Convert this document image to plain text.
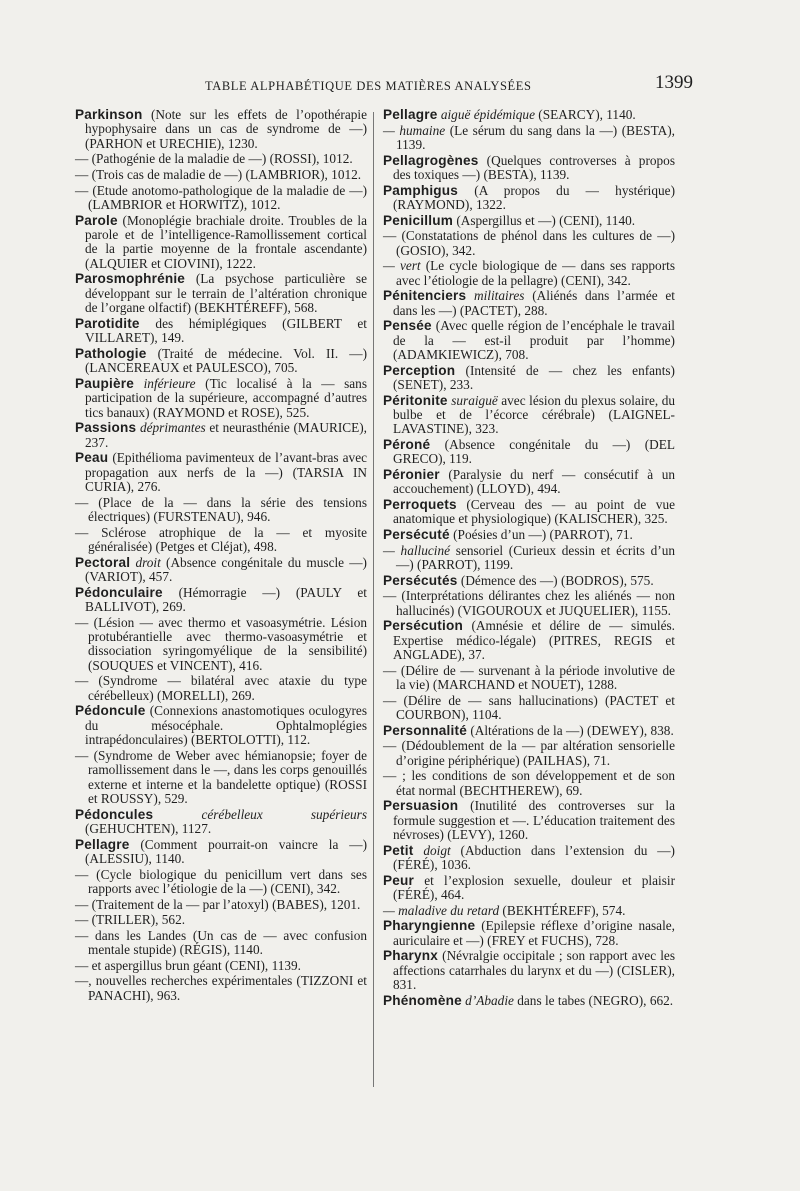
TABLE ALPHABÉTIQUE DES MATIÈRES ANALYSÉES	1399

Parkinson (Note sur les effets de l’opothérapie hypophysaire dans un cas de syndrome de —) (PARHON et URECHIE), 1230.

— (Pathogénie de la maladie de —) (ROSSI), 1012.

— (Trois cas de maladie de —) (LAMBRIOR), 1012.

— (Etude anotomo-pathologique de la maladie de —) (LAMBRIOR et HORWITZ), 1012.

Parole (Monoplégie brachiale droite. Troubles de la parole et de l’intelligence-Ramollissement cortical de la partie moyenne de la frontale ascendante) (ALQUIER et CIOVINI), 1222.

Parosmophrénie (La psychose particulière se développant sur le terrain de l’altération chronique de l’organe olfactif) (BEKHTÉREFF), 568.

Parotidite des hémiplégiques (GILBERT et VILLARET), 149.

Pathologie (Traité de médecine. Vol. II. —) (LANCEREAUX et PAULESCO), 705.

Paupière inférieure (Tic localisé à la — sans participation de la supérieure, accompagné d’autres tics banaux) (RAYMOND et ROSE), 525.

Passions déprimantes et neurasthénie (MAURICE), 237.

Peau (Epithélioma pavimenteux de l’avant-bras avec propagation aux nerfs de la —) (TARSIA IN CURIA), 276.

— (Place de la — dans la série des tensions électriques) (FURSTENAU), 946.

— Sclérose atrophique de la — et myosite généralisée) (Petges et Cléjat), 498.

Pectoral droit (Absence congénitale du muscle —) (VARIOT), 457.

Pédonculaire (Hémorragie —) (PAULY et BALLIVOT), 269.

— (Lésion — avec thermo et vasoasymétrie. Lésion protubérantielle avec thermo-vasoasymétrie et dissociation syringomyélique de la sensibilité) (SOUQUES et VINCENT), 416.

— (Syndrome — bilatéral avec ataxie du type cérébelleux) (MORELLI), 269.

Pédoncule (Connexions anastomotiques oculogyres du mésocéphale. Ophtalmoplégies intrapédonculaires) (BERTOLOTTI), 112.

— (Syndrome de Weber avec hémianopsie; foyer de ramollissement dans le —, dans les corps genouillés externe et interne et la bandelette optique) (ROSSI et ROUSSY), 529.

Pédoncules cérébelleux supérieurs (GEHUCHTEN), 1127.

Pellagre (Comment pourrait-on vaincre la —) (ALESSIU), 1140.

— (Cycle biologique du penicillum vert dans ses rapports avec l’étiologie de la —) (CENI), 342.

— (Traitement de la — par l’atoxyl) (BABES), 1201.

— (TRILLER), 562.

— dans les Landes (Un cas de — avec confusion mentale stupide) (RÉGIS), 1140.

— et aspergillus brun géant (CENI), 1139.

—, nouvelles recherches expérimentales (TIZZONI et PANACHI), 963.

Pellagre aiguë épidémique (SEARCY), 1140.

— humaine (Le sérum du sang dans la —) (BESTA), 1139.

Pellagrogènes (Quelques controverses à propos des toxiques —) (BESTA), 1139.

Pamphigus (A propos du — hystérique) (RAYMOND), 1322.

Penicillum (Aspergillus et —) (CENI), 1140.

— (Constatations de phénol dans les cultures de —) (GOSIO), 342.

— vert (Le cycle biologique de — dans ses rapports avec l’étiologie de la pellagre) (CENI), 342.

Pénitenciers militaires (Aliénés dans l’armée et dans les —) (PACTET), 288.

Pensée (Avec quelle région de l’encéphale le travail de la — est-il produit par l’homme) (ADAMKIEWICZ), 708.

Perception (Intensité de — chez les enfants) (SENET), 233.

Péritonite suraiguë avec lésion du plexus solaire, du bulbe et de l’écorce cérébrale) (LAIGNEL-LAVASTINE), 323.

Péroné (Absence congénitale du —) (DEL GRECO), 119.

Péronier (Paralysie du nerf — consécutif à un accouchement) (LLOYD), 494.

Perroquets (Cerveau des — au point de vue anatomique et physiologique) (KALISCHER), 325.

Persécuté (Poésies d’un —) (PARROT), 71.

— halluciné sensoriel (Curieux dessin et écrits d’un —) (PARROT), 1199.

Persécutés (Démence des —) (BODROS), 575.

— (Interprétations délirantes chez les aliénés — non hallucinés) (VIGOUROUX et JUQUELIER), 1155.

Persécution (Amnésie et délire de — simulés. Expertise médico-légale) (PITRES, REGIS et ANGLADE), 37.

— (Délire de — survenant à la période involutive de la vie) (MARCHAND et NOUET), 1288.

— (Délire de — sans hallucinations) (PACTET et COURBON), 1104.

Personnalité (Altérations de la —) (DEWEY), 838.

— (Dédoublement de la — par altération sensorielle d’origine périphérique) (PAILHAS), 71.

— ; les conditions de son développement et de son état normal (BECHTHEREW), 69.

Persuasion (Inutilité des controverses sur la formule suggestion et —. L’éducation traitement des névroses) (LEVY), 1260.

Petit doigt (Abduction dans l’extension du —) (FÉRÉ), 1036.

Peur et l’explosion sexuelle, douleur et plaisir (FÉRÉ), 464.

— maladive du retard (BEKHTÉREFF), 574.

Pharyngienne (Epilepsie réflexe d’origine nasale, auriculaire et —) (FREY et FUCHS), 728.

Pharynx (Névralgie occipitale ; son rapport avec les affections catarrhales du larynx et du —) (CISLER), 831.

Phénomène d’Abadie dans le tabes (NEGRO), 662.
